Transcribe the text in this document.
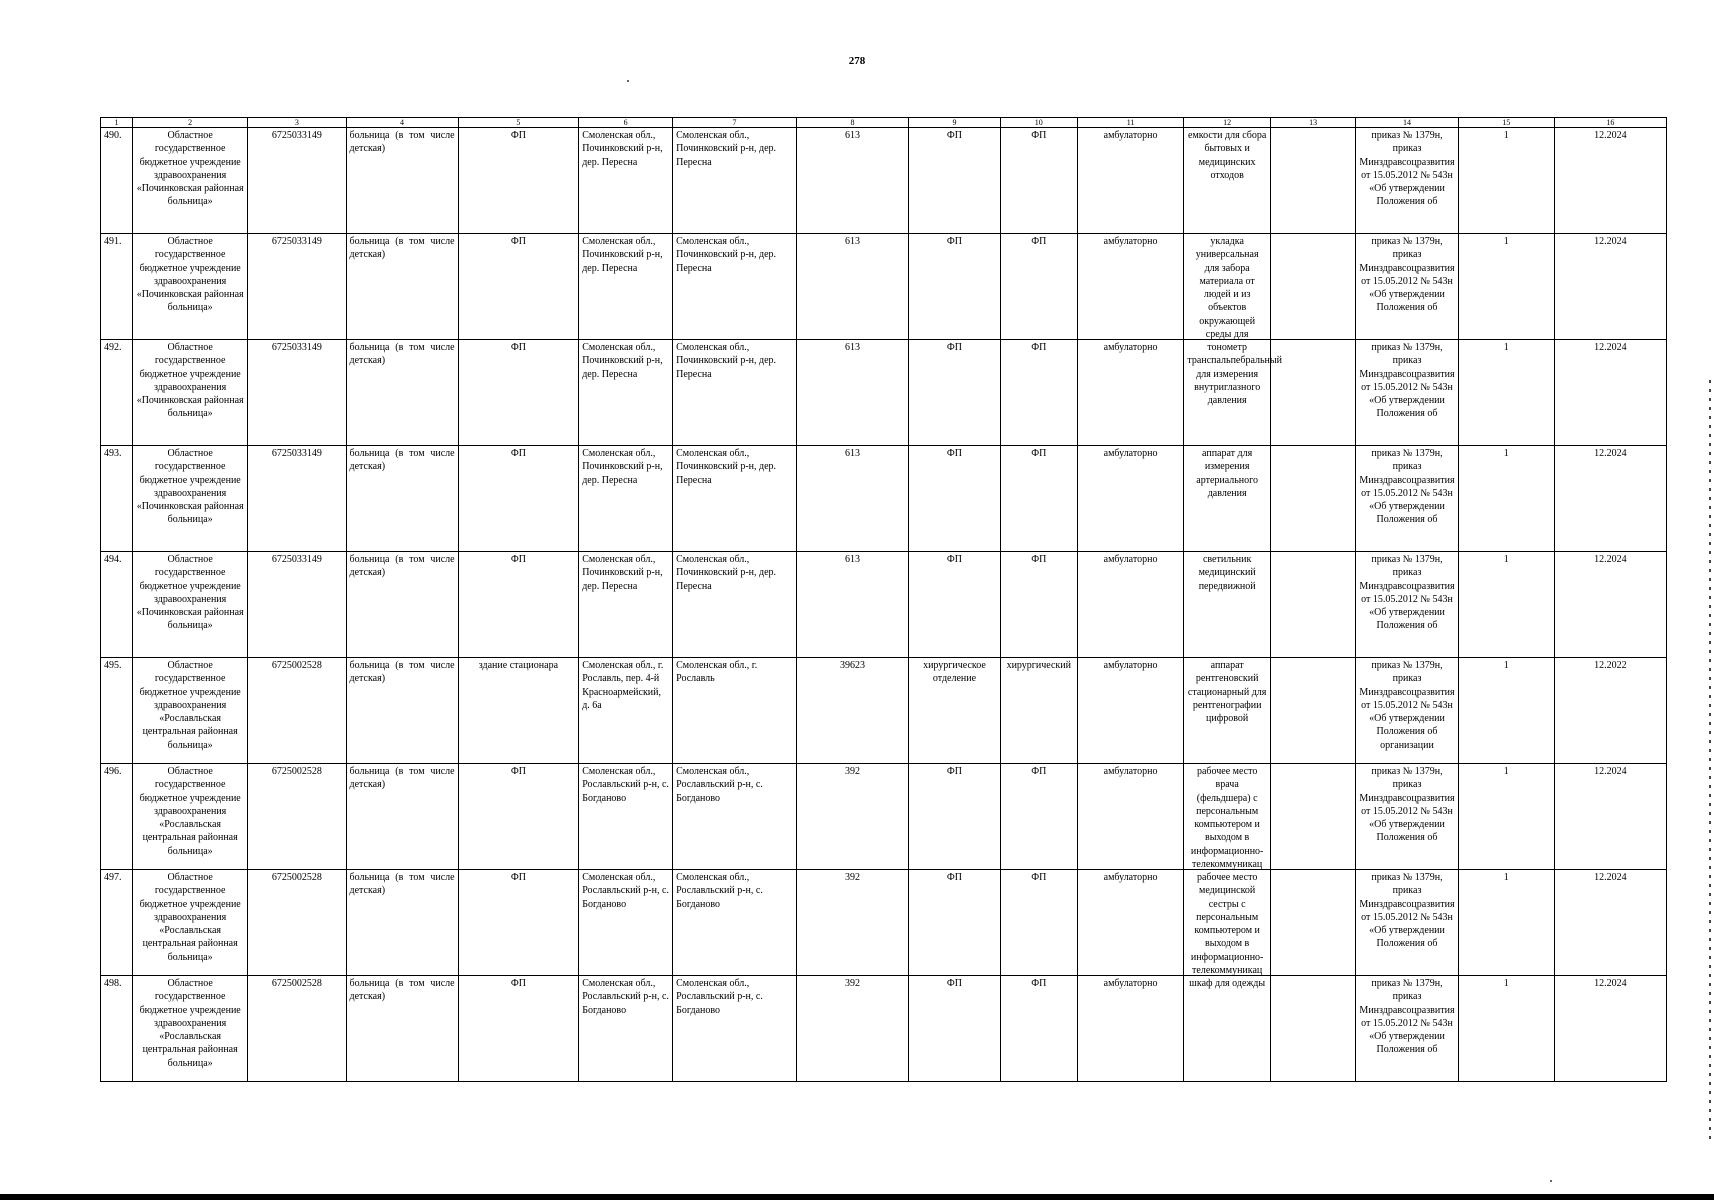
278
1	2	3	4	5	6	7	8	9	10	11	12	13	14	15	16

490.	Областное государственное бюджетное учреждение здравоохранения «Починковская районная больница»	6725033149	больница (в том числе детская)	ФП	Смоленская обл., Починковский р-н, дер. Пересна	Смоленская обл., Починковский р-н, дер. Пересна	613	ФП	ФП	амбулаторно	емкости для сбора бытовых и медицинских отходов		приказ № 1379н, приказ Минздравсоцразвития от 15.05.2012 № 543н «Об утверждении Положения об	1	12.2024

491.	Областное государственное бюджетное учреждение здравоохранения «Починковская районная больница»	6725033149	больница (в том числе детская)	ФП	Смоленская обл., Починковский р-н, дер. Пересна	Смоленская обл., Починковский р-н, дер. Пересна	613	ФП	ФП	амбулаторно	укладка универсальная для забора материала от людей и из объектов окружающей среды для		приказ № 1379н, приказ Минздравсоцразвития от 15.05.2012 № 543н «Об утверждении Положения об	1	12.2024

492.	Областное государственное бюджетное учреждение здравоохранения «Починковская районная больница»	6725033149	больница (в том числе детская)	ФП	Смоленская обл., Починковский р-н, дер. Пересна	Смоленская обл., Починковский р-н, дер. Пересна	613	ФП	ФП	амбулаторно	тонометр транспальпебральный для измерения внутриглазного давления		приказ № 1379н, приказ Минздравсоцразвития от 15.05.2012 № 543н «Об утверждении Положения об	1	12.2024

493.	Областное государственное бюджетное учреждение здравоохранения «Починковская районная больница»	6725033149	больница (в том числе детская)	ФП	Смоленская обл., Починковский р-н, дер. Пересна	Смоленская обл., Починковский р-н, дер. Пересна	613	ФП	ФП	амбулаторно	аппарат для измерения артериального давления		приказ № 1379н, приказ Минздравсоцразвития от 15.05.2012 № 543н «Об утверждении Положения об	1	12.2024

494.	Областное государственное бюджетное учреждение здравоохранения «Починковская районная больница»	6725033149	больница (в том числе детская)	ФП	Смоленская обл., Починковский р-н, дер. Пересна	Смоленская обл., Починковский р-н, дер. Пересна	613	ФП	ФП	амбулаторно	светильник медицинский передвижной		приказ № 1379н, приказ Минздравсоцразвития от 15.05.2012 № 543н «Об утверждении Положения об	1	12.2024

495.	Областное государственное бюджетное учреждение здравоохранения «Рославльская центральная районная больница»	6725002528	больница (в том числе детская)	здание стационара	Смоленская обл., г. Рославль, пер. 4-й Красноармейский, д. 6а	Смоленская обл., г. Рославль	39623	хирургическое отделение	хирургический	амбулаторно	аппарат рентгеновский стационарный для рентгенографии цифровой		приказ № 1379н, приказ Минздравсоцразвития от 15.05.2012 № 543н «Об утверждении Положения об организации	1	12.2022

496.	Областное государственное бюджетное учреждение здравоохранения «Рославльская центральная районная больница»	6725002528	больница (в том числе детская)	ФП	Смоленская обл., Рославльский р-н, с. Богданово	Смоленская обл., Рославльский р-н, с. Богданово	392	ФП	ФП	амбулаторно	рабочее место врача (фельдшера) с персональным компьютером и выходом в информационно-телекоммуникац		приказ № 1379н, приказ Минздравсоцразвития от 15.05.2012 № 543н «Об утверждении Положения об	1	12.2024

497.	Областное государственное бюджетное учреждение здравоохранения «Рославльская центральная районная больница»	6725002528	больница (в том числе детская)	ФП	Смоленская обл., Рославльский р-н, с. Богданово	Смоленская обл., Рославльский р-н, с. Богданово	392	ФП	ФП	амбулаторно	рабочее место медицинской сестры с персональным компьютером и выходом в информационно-телекоммуникац		приказ № 1379н, приказ Минздравсоцразвития от 15.05.2012 № 543н «Об утверждении Положения об	1	12.2024

498.	Областное государственное бюджетное учреждение здравоохранения «Рославльская центральная районная больница»	6725002528	больница (в том числе детская)	ФП	Смоленская обл., Рославльский р-н, с. Богданово	Смоленская обл., Рославльский р-н, с. Богданово	392	ФП	ФП	амбулаторно	шкаф для одежды		приказ № 1379н, приказ Минздравсоцразвития от 15.05.2012 № 543н «Об утверждении Положения об	1	12.2024
